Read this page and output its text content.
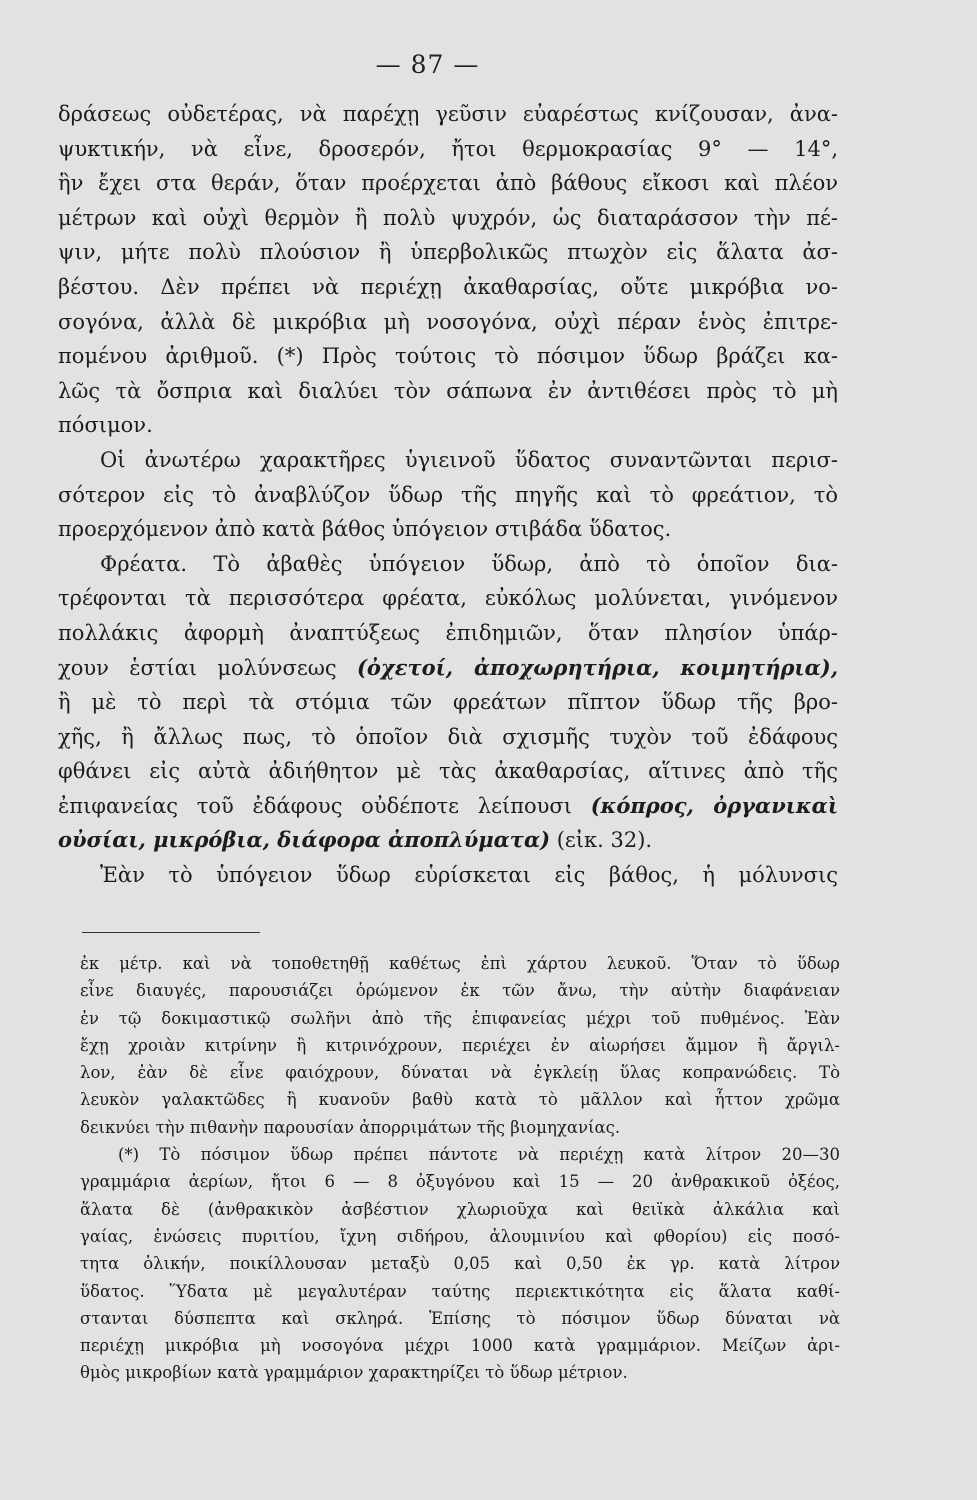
— 87 —
δράσεως οὐδετέρας, νὰ παρέχῃ γεῦσιν εὐαρέστως κνίζουσαν, ἀνα-
ψυκτικήν, νὰ εἶνε, δροσερόν, ἤτοι θερμοκρασίας 9° — 14°,
ἣν ἔχει στα θεράν, ὅταν προέρχεται ἀπὸ βάθους εἴκοσι καὶ πλέον
μέτρων καὶ οὐχὶ θερμὸν ἢ πολὺ ψυχρόν, ὡς διαταράσσον τὴν πέ-
ψιν, μήτε πολὺ πλούσιον ἢ ὑπερβολικῶς πτωχὸν εἰς ἅλατα ἀσ-
βέστου. Δὲν πρέπει νὰ περιέχῃ ἀκαθαρσίας, οὔτε μικρόβια νο-
σογόνα, ἀλλὰ δὲ μικρόβια μὴ νοσογόνα, οὐχὶ πέραν ἑνὸς ἐπιτρε-
πομένου ἀριθμοῦ. (*) Πρὸς τούτοις τὸ πόσιμον ὕδωρ βράζει κα-
λῶς τὰ ὄσπρια καὶ διαλύει τὸν σάπωνα ἐν ἀντιθέσει πρὸς τὸ μὴ
πόσιμον.
Οἱ ἀνωτέρω χαρακτῆρες ὑγιεινοῦ ὕδατος συναντῶνται περισ-
σότερον εἰς τὸ ἀναβλύζον ὕδωρ τῆς πηγῆς καὶ τὸ φρεάτιον, τὸ
προερχόμενον ἀπὸ κατὰ βάθος ὑπόγειον στιβάδα ὕδατος.
Φρέατα. Τὸ ἀβαθὲς ὑπόγειον ὕδωρ, ἀπὸ τὸ ὁποῖον δια-
τρέφονται τὰ περισσότερα φρέατα, εὐκόλως μολύνεται, γινόμενον
πολλάκις ἀφορμὴ ἀναπτύξεως ἐπιδημιῶν, ὅταν πλησίον ὑπάρ-
χουν ἑστίαι μολύνσεως (ὀχετοί, ἀποχωρητήρια, κοιμητήρια),
ἢ μὲ τὸ περὶ τὰ στόμια τῶν φρεάτων πῖπτον ὕδωρ τῆς βρο-
χῆς, ἢ ἄλλως πως, τὸ ὁποῖον διὰ σχισμῆς τυχὸν τοῦ ἐδάφους
φθάνει εἰς αὐτὰ ἀδιήθητον μὲ τὰς ἀκαθαρσίας, αἵτινες ἀπὸ τῆς
ἐπιφανείας τοῦ ἐδάφους οὐδέποτε λείπουσι (κόπρος, ὀργανικαὶ
οὐσίαι, μικρόβια, διάφορα ἀποπλύματα) (εἰκ. 32).
Ἐὰν τὸ ὑπόγειον ὕδωρ εὑρίσκεται εἰς βάθος, ἡ μόλυνσις
ἐκ μέτρ. καὶ νὰ τοποθετηθῇ καθέτως ἐπὶ χάρτου λευκοῦ. Ὅταν τὸ ὕδωρ
εἶνε διαυγές, παρουσιάζει ὁρώμενον ἐκ τῶν ἄνω, τὴν αὐτὴν διαφάνειαν
ἐν τῷ δοκιμαστικῷ σωλῆνι ἀπὸ τῆς ἐπιφανείας μέχρι τοῦ πυθμένος. Ἐὰν
ἔχῃ χροιὰν κιτρίνην ἢ κιτρινόχρουν, περιέχει ἐν αἰωρήσει ἄμμον ἢ ἄργιλ-
λον, ἐὰν δὲ εἶνε φαιόχρουν, δύναται νὰ ἐγκλείῃ ὕλας κοπρανώδεις. Τὸ
λευκὸν γαλακτῶδες ἢ κυανοῦν βαθὺ κατὰ τὸ μᾶλλον καὶ ἧττον χρῶμα
δεικνύει τὴν πιθανὴν παρουσίαν ἀπορριμάτων τῆς βιομηχανίας.
(*) Τὸ πόσιμον ὕδωρ πρέπει πάντοτε νὰ περιέχῃ κατὰ λίτρον 20—30
γραμμάρια ἀερίων, ἤτοι 6 — 8 ὀξυγόνου καὶ 15 — 20 ἀνθρακικοῦ ὀξέος,
ἅλατα δὲ (ἀνθρακικὸν ἀσβέστιον χλωριοῦχα καὶ θειϊκὰ ἀλκάλια καὶ
γαίας, ἑνώσεις πυριτίου, ἴχνη σιδήρου, ἀλουμινίου καὶ φθορίου) εἰς ποσό-
τητα ὁλικήν, ποικίλλουσαν μεταξὺ 0,05 καὶ 0,50 ἐκ γρ. κατὰ λίτρον
ὕδατος. Ὕδατα μὲ μεγαλυτέραν ταύτης περιεκτικότητα εἰς ἅλατα καθί-
στανται δύσπεπτα καὶ σκληρά. Ἐπίσης τὸ πόσιμον ὕδωρ δύναται νὰ
περιέχῃ μικρόβια μὴ νοσογόνα μέχρι 1000 κατὰ γραμμάριον. Μείζων ἀρι-
θμὸς μικροβίων κατὰ γραμμάριον χαρακτηρίζει τὸ ὕδωρ μέτριον.
